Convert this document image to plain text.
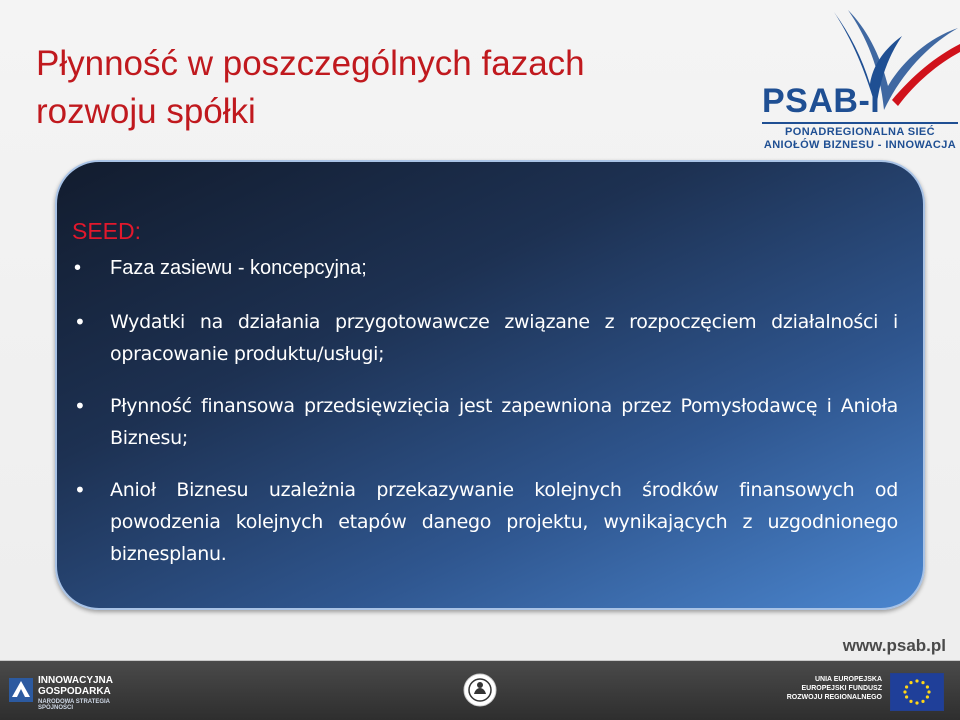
Płynność w poszczególnych fazach
rozwoju spółki	PSAB-I
PONADREGIONALNA SIEĆ
ANIOŁÓW BIZNESU - INNOWACJA

SEED:

• Faza zasiewu - koncepcyjna;
• Wydatki na działania przygotowawcze związane z rozpoczęciem działalności i opracowanie produktu/usługi;
• Płynność finansowa przedsięwzięcia jest zapewniona przez Pomysłodawcę i Anioła Biznesu;
• Anioł Biznesu uzależnia przekazywanie kolejnych środków finansowych od powodzenia kolejnych etapów danego projektu, wynikających z uzgodnionego biznesplanu.
www.psab.pl
INNOWACYJNA
GOSPODARKA
NARODOWA STRATEGIA SPÓJNOŚCI
UNIA EUROPEJSKA
EUROPEJSKI FUNDUSZ
ROZWOJU REGIONALNEGO
